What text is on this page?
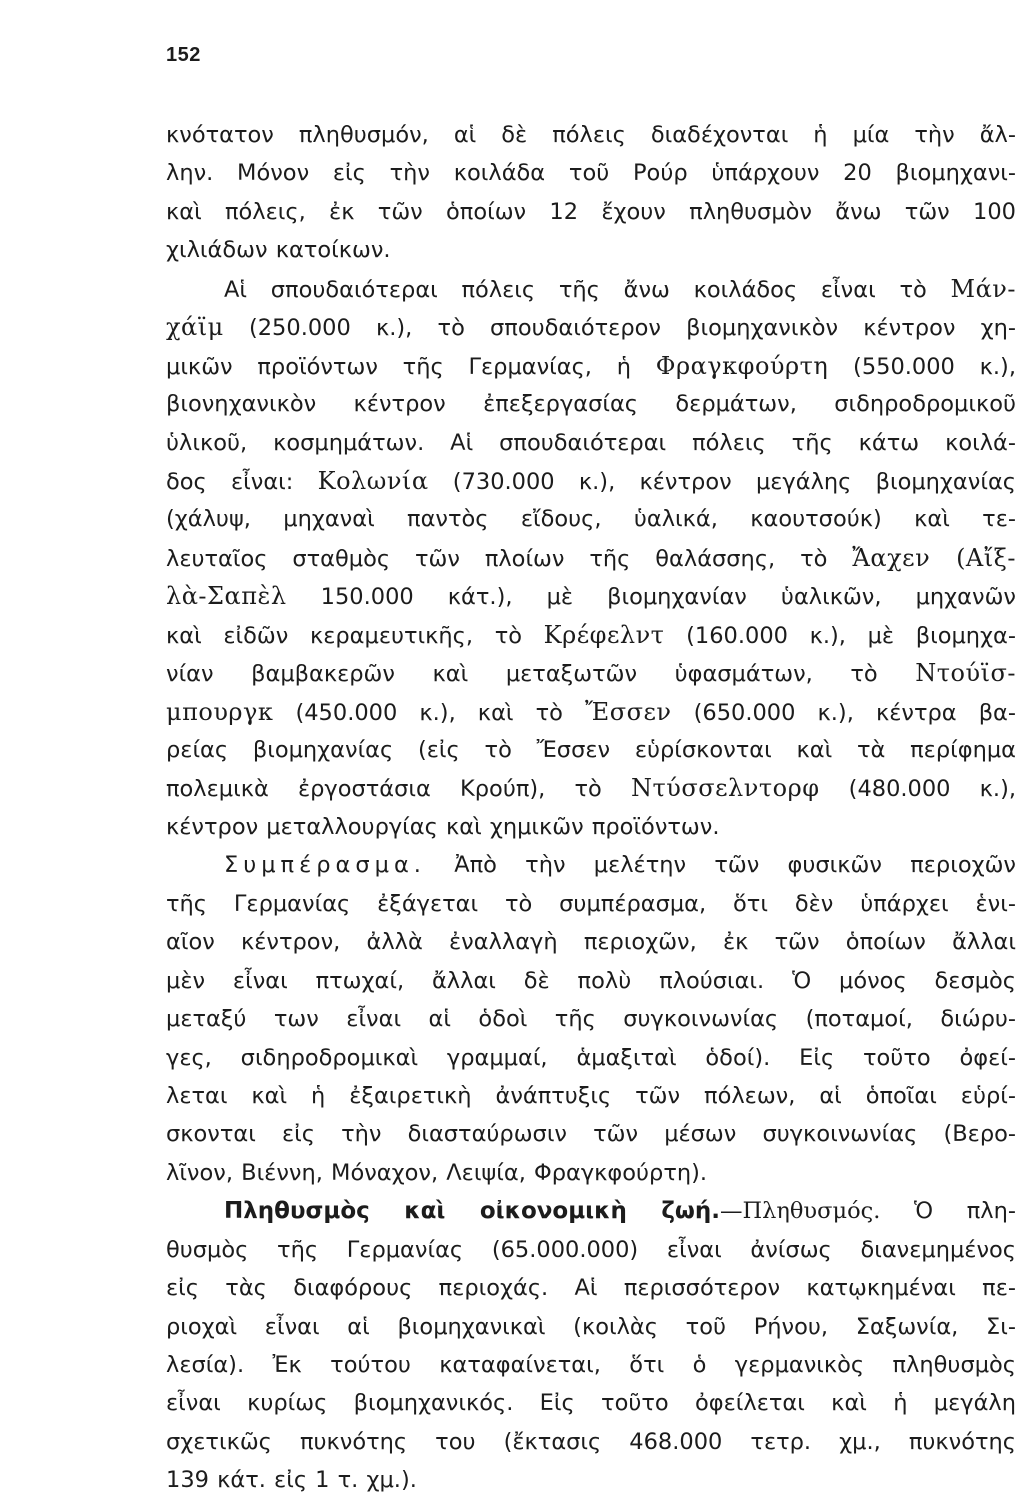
152
κνότατον πληθυσμόν, αἱ δὲ πόλεις διαδέχονται ἡ μία τὴν ἄλ-
λην. Μόνον εἰς τὴν κοιλάδα τοῦ Ρούρ ὑπάρχουν 20 βιομηχανι-
καὶ πόλεις, ἐκ τῶν ὁποίων 12 ἔχουν πληθυσμὸν ἄνω τῶν 100
χιλιάδων κατοίκων.
Αἱ σπουδαιότεραι πόλεις τῆς ἄνω κοιλάδος εἶναι τὸ Μάν-
χάϊμ (250.000 κ.), τὸ σπουδαιότερον βιομηχανικὸν κέντρον χη-
μικῶν προϊόντων τῆς Γερμανίας, ἡ Φραγκφούρτη (550.000 κ.),
βιονηχανικὸν κέντρον ἐπεξεργασίας δερμάτων, σιδηροδρομικοῦ
ὑλικοῦ, κοσμημάτων. Αἱ σπουδαιότεραι πόλεις τῆς κάτω κοιλά-
δος εἶναι: Κολωνία (730.000 κ.), κέντρον μεγάλης βιομηχανίας
(χάλυψ, μηχαναὶ παντὸς εἴδους, ὑαλικά, καουτσούκ) καὶ τε-
λευταῖος σταθμὸς τῶν πλοίων τῆς θαλάσσης, τὸ Ἄαχεν (Αἴξ-
λὰ-Σαπὲλ 150.000 κάτ.), μὲ βιομηχανίαν ὑαλικῶν, μηχανῶν
καὶ εἰδῶν κεραμευτικῆς, τὸ Κρέφελντ (160.000 κ.), μὲ βιομηχα-
νίαν βαμβακερῶν καὶ μεταξωτῶν ὑφασμάτων, τὸ Ντούϊσ-
μπουργκ (450.000 κ.), καὶ τὸ Ἔσσεν (650.000 κ.), κέντρα βα-
ρείας βιομηχανίας (εἰς τὸ Ἔσσεν εὑρίσκονται καὶ τὰ περίφημα
πολεμικὰ ἐργοστάσια Κρούπ), τὸ Ντύσσελντορφ (480.000 κ.),
κέντρον μεταλλουργίας καὶ χημικῶν προϊόντων.
Συμπέρασμα. Ἀπὸ τὴν μελέτην τῶν φυσικῶν περιοχῶν
τῆς Γερμανίας ἐξάγεται τὸ συμπέρασμα, ὅτι δὲν ὑπάρχει ἑνι-
αῖον κέντρον, ἀλλὰ ἐναλλαγὴ περιοχῶν, ἐκ τῶν ὁποίων ἄλλαι
μὲν εἶναι πτωχαί, ἄλλαι δὲ πολὺ πλούσιαι. Ὁ μόνος δεσμὸς
μεταξύ των εἶναι αἱ ὁδοὶ τῆς συγκοινωνίας (ποταμοί, διώρυ-
γες, σιδηροδρομικαὶ γραμμαί, ἁμαξιταὶ ὁδοί). Εἰς τοῦτο ὀφεί-
λεται καὶ ἡ ἐξαιρετικὴ ἀνάπτυξις τῶν πόλεων, αἱ ὁποῖαι εὑρί-
σκονται εἰς τὴν διασταύρωσιν τῶν μέσων συγκοινωνίας (Βερο-
λῖνον, Βιέννη, Μόναχον, Λειψία, Φραγκφούρτη).
Πληθυσμὸς καὶ οἰκονομικὴ ζωή.—Πληθυσμός. Ὁ πλη-
θυσμὸς τῆς Γερμανίας (65.000.000) εἶναι ἀνίσως διανεμημένος
εἰς τὰς διαφόρους περιοχάς. Αἱ περισσότερον κατῳκημέναι πε-
ριοχαὶ εἶναι αἱ βιομηχανικαὶ (κοιλὰς τοῦ Ρήνου, Σαξωνία, Σι-
λεσία). Ἐκ τούτου καταφαίνεται, ὅτι ὁ γερμανικὸς πληθυσμὸς
εἶναι κυρίως βιομηχανικός. Εἰς τοῦτο ὀφείλεται καὶ ἡ μεγάλη
σχετικῶς πυκνότης του (ἔκτασις 468.000 τετρ. χμ., πυκνότης
139 κάτ. εἰς 1 τ. χμ.).
